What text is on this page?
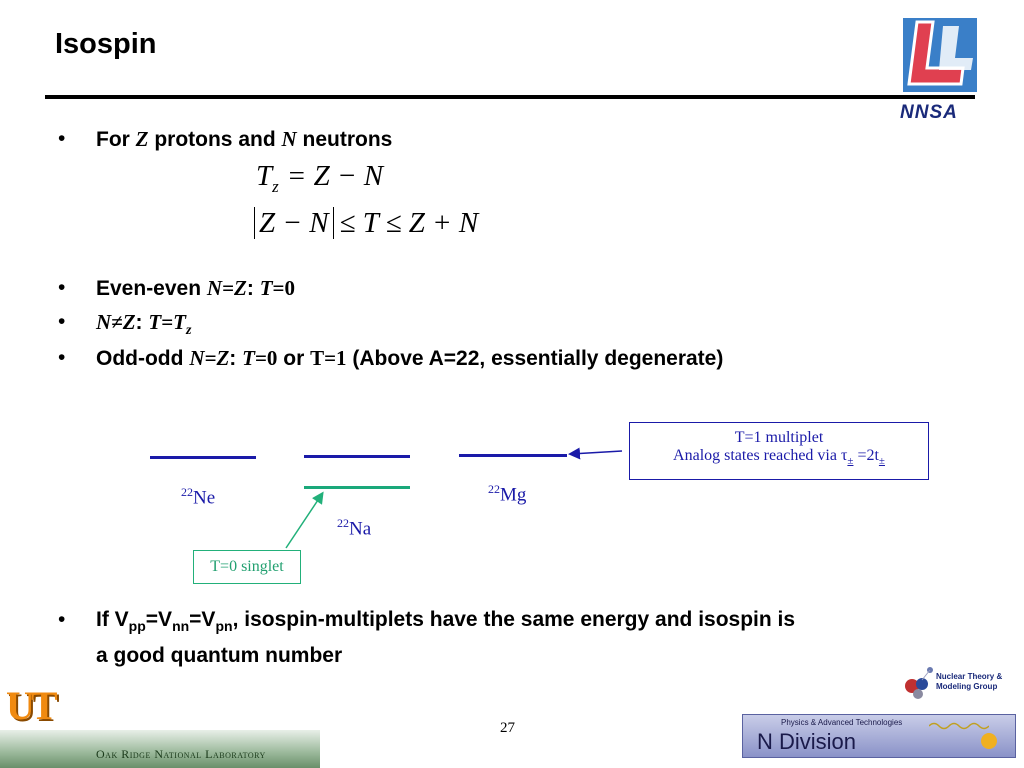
Isospin
NNSA
• For Z protons and N neutrons
$T_z = Z - N$
Z − N ≤ T ≤ Z + N
• Even-even N=Z: T=0
• N≠Z: $T=T_z$
• Odd-odd N=Z: T=0 or T=1 (Above A=22, essentially degenerate)
$^{22}$Ne
$^{22}$Na
$^{22}$Mg
T=1 multiplet
Analog states reached via $\tau_\pm =2t_\pm$
T=0 singlet
• If $V_{pp}=V_{nn}=V_{pn}$, isospin-multiplets have the same energy and isospin is
a good quantum number
UT
Oak Ridge National Laboratory
27
Nuclear Theory &
Modeling Group
Physics & Advanced Technologies
N Division
